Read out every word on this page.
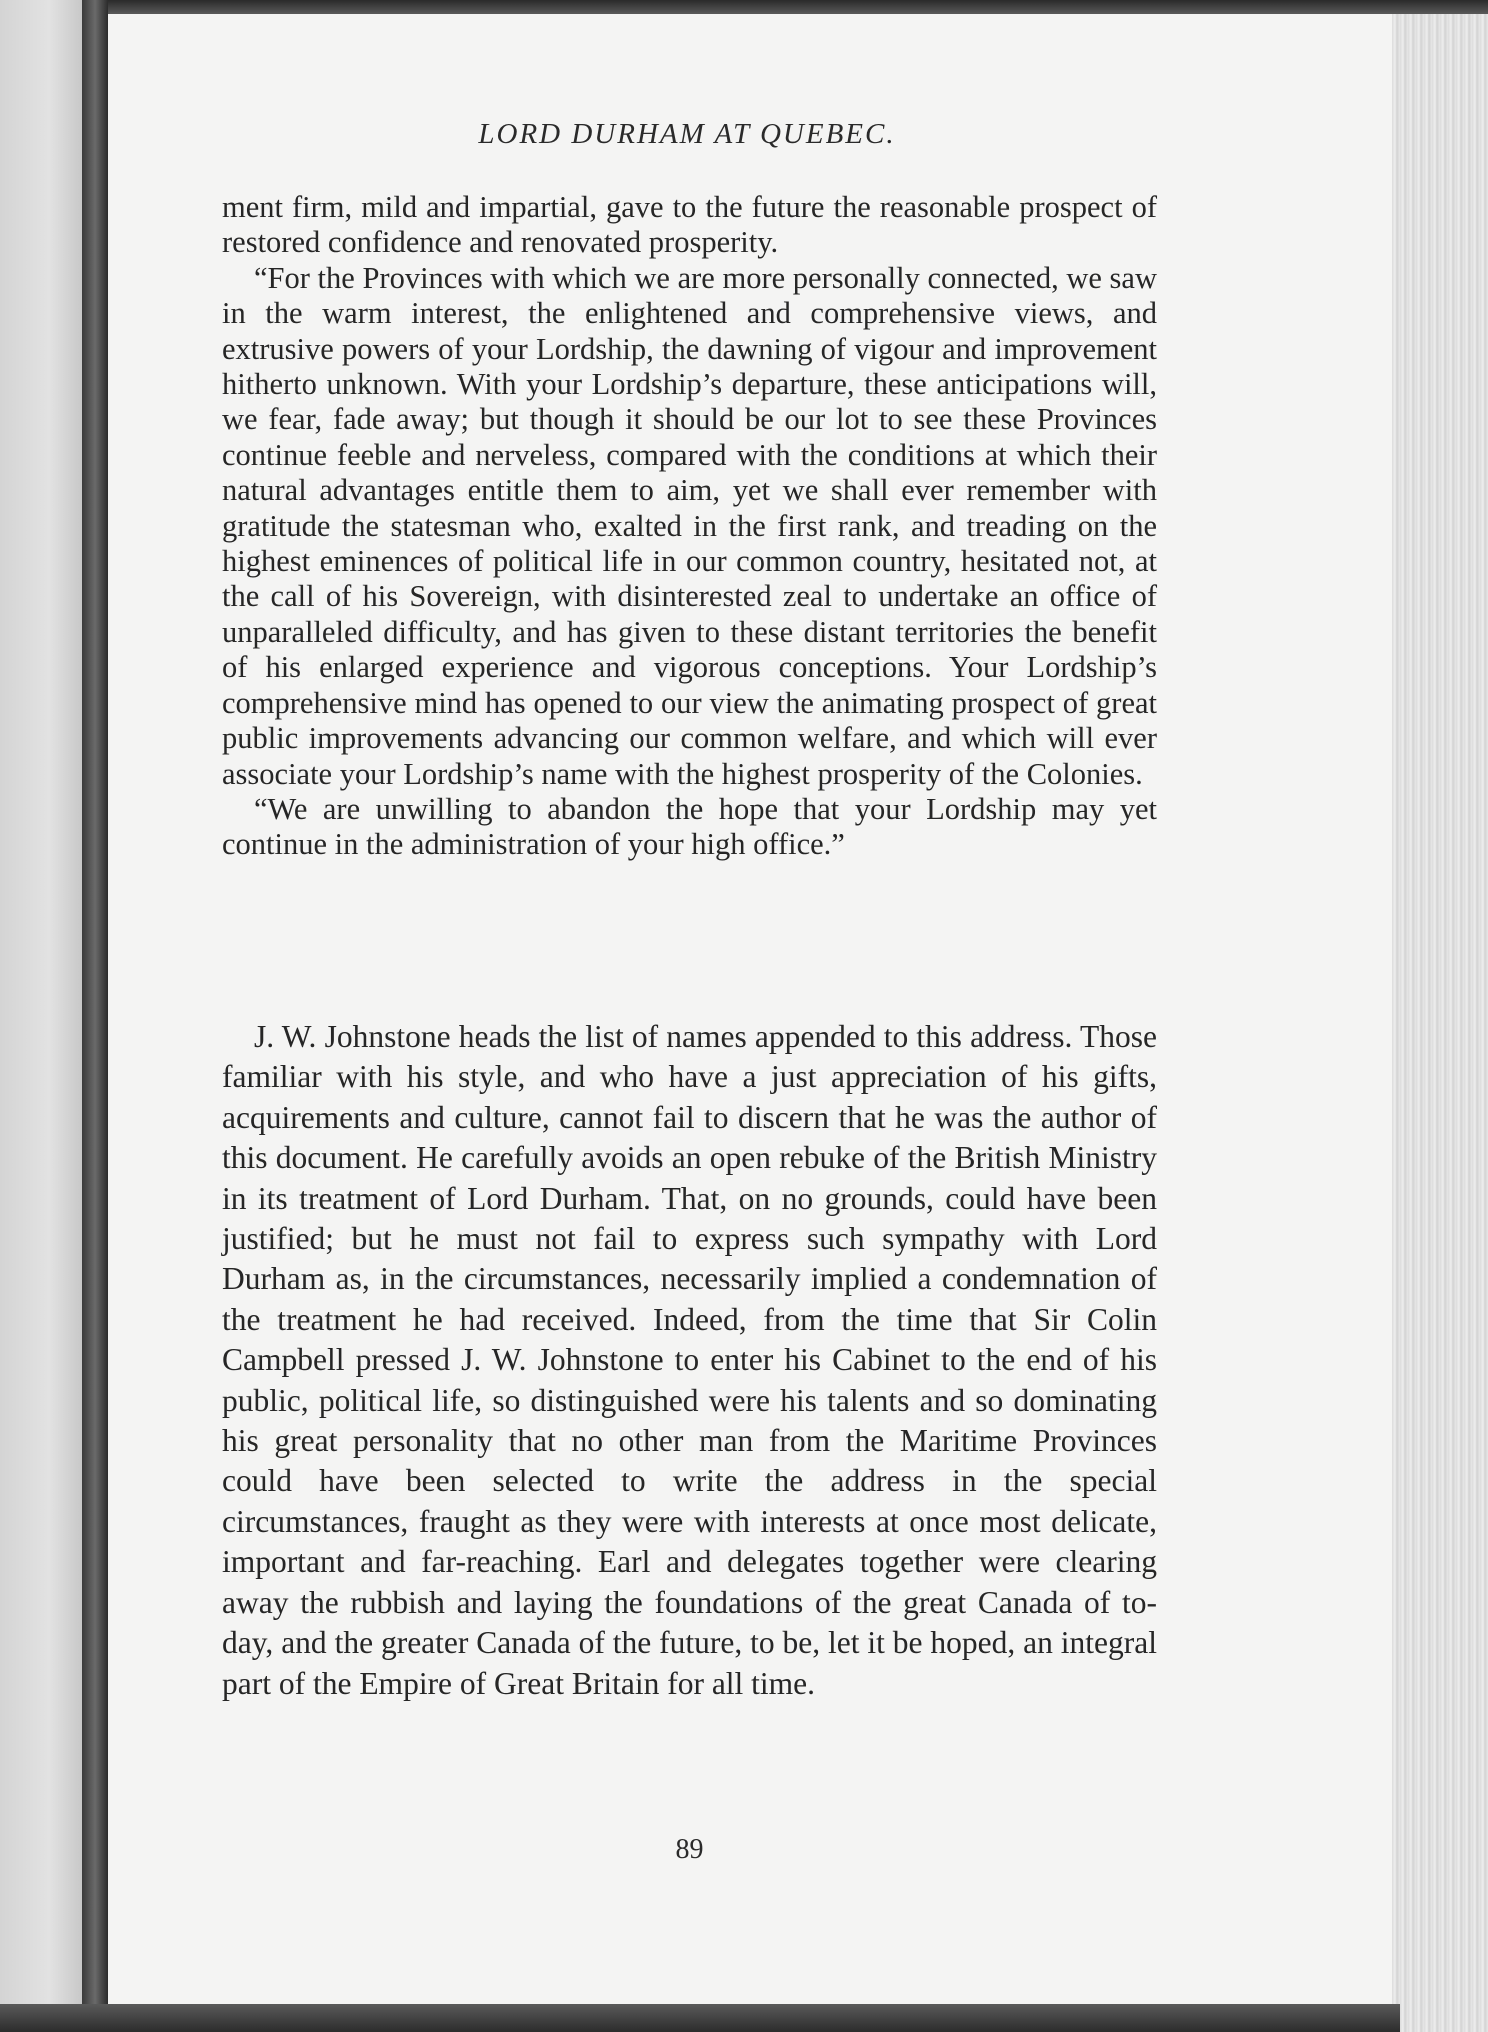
LORD DURHAM AT QUEBEC.

ment firm, mild and impartial, gave to the future the reasonable prospect of restored confidence and renovated prosperity.

“For the Provinces with which we are more personally connected, we saw in the warm interest, the enlightened and comprehensive views, and extrusive powers of your Lordship, the dawning of vigour and improvement hitherto unknown. With your Lordship’s departure, these anticipations will, we fear, fade away; but though it should be our lot to see these Provinces continue feeble and nerveless, compared with the conditions at which their natural advantages entitle them to aim, yet we shall ever remember with gratitude the statesman who, exalted in the first rank, and treading on the highest eminences of political life in our common country, hesitated not, at the call of his Sovereign, with disinterested zeal to undertake an office of unparalleled difficulty, and has given to these distant territories the benefit of his enlarged experience and vigorous conceptions. Your Lordship’s comprehensive mind has opened to our view the animating prospect of great public improvements advancing our common welfare, and which will ever associate your Lordship’s name with the highest prosperity of the Colonies.

“We are unwilling to abandon the hope that your Lordship may yet continue in the administration of your high office.”

J. W. Johnstone heads the list of names appended to this address. Those familiar with his style, and who have a just appreciation of his gifts, acquirements and culture, cannot fail to discern that he was the author of this document. He carefully avoids an open rebuke of the British Ministry in its treatment of Lord Durham. That, on no grounds, could have been justified; but he must not fail to express such sympathy with Lord Durham as, in the circumstances, necessarily implied a condemnation of the treatment he had received. Indeed, from the time that Sir Colin Campbell pressed J. W. Johnstone to enter his Cabinet to the end of his public, political life, so distinguished were his talents and so dominating his great personality that no other man from the Maritime Provinces could have been selected to write the address in the special circumstances, fraught as they were with interests at once most delicate, important and far-reaching. Earl and delegates together were clearing away the rubbish and laying the foundations of the great Canada of to-day, and the greater Canada of the future, to be, let it be hoped, an integral part of the Empire of Great Britain for all time.

89
